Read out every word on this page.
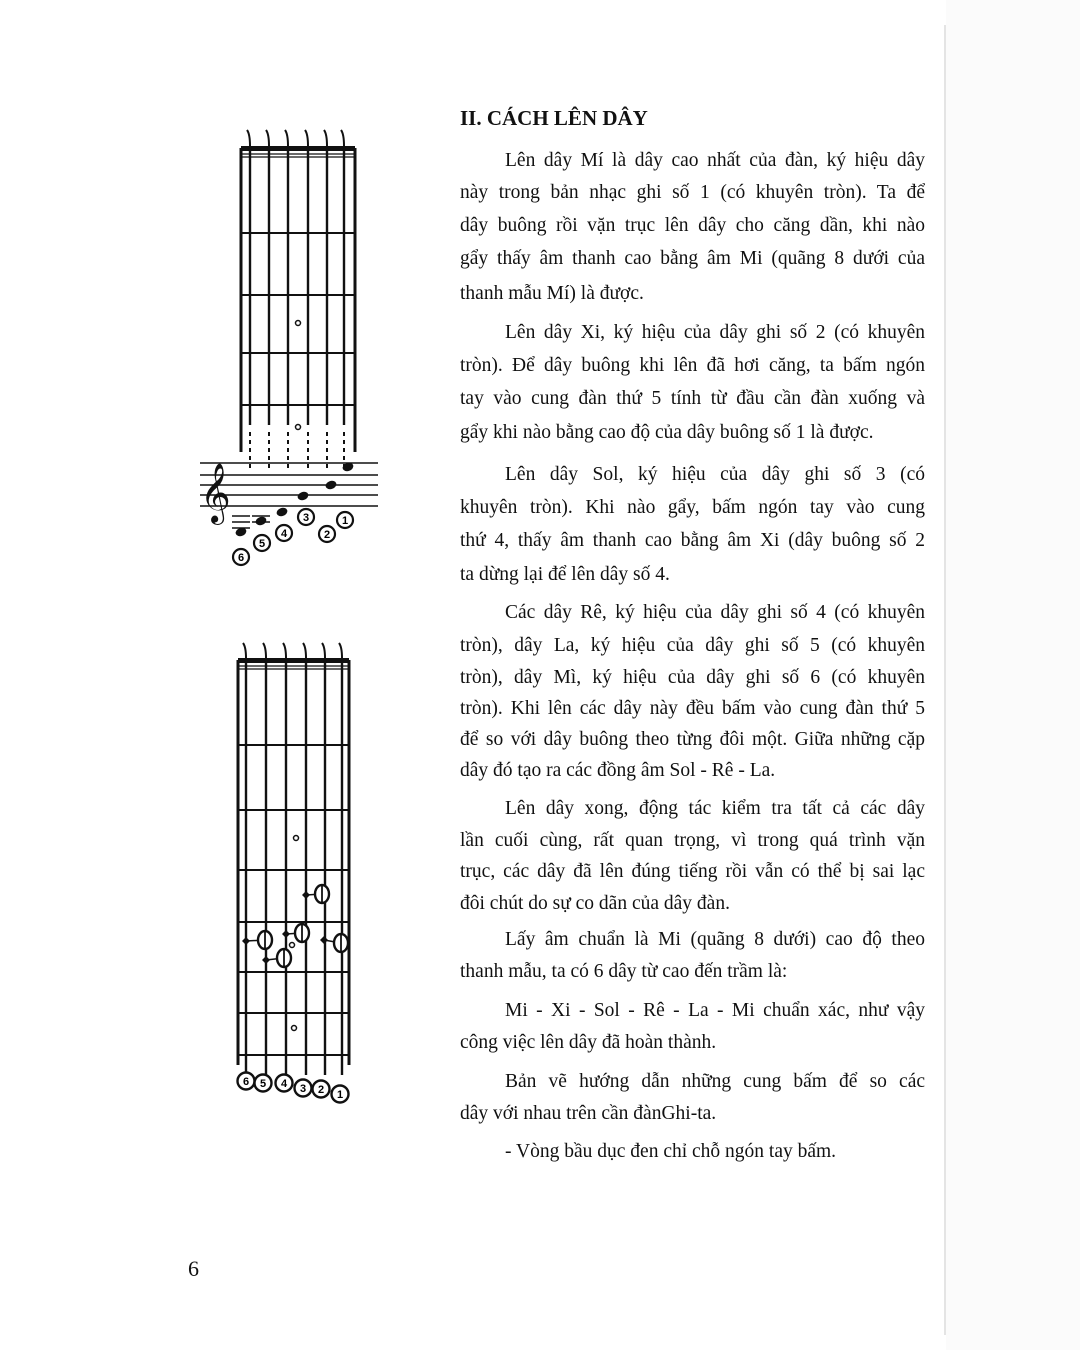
II. CÁCH LÊN DÂY
Lên dây Mí là dây cao nhất của đàn, ký hiệu dây
này trong bản nhạc ghi số 1 (có khuyên tròn). Ta để
dây buông rồi vặn trục lên dây cho căng dần, khi nào
gẩy thấy âm thanh cao bằng âm Mi (quãng 8 dưới của
thanh mẫu Mí) là được.
Lên dây Xi, ký hiệu của dây ghi số 2 (có khuyên
tròn). Để dây buông khi lên đã hơi căng, ta bấm ngón
tay vào cung đàn thứ 5 tính từ đầu cần đàn xuống và
gẩy khi nào bằng cao độ của dây buông số 1 là được.
Lên dây Sol, ký hiệu của dây ghi số 3 (có
khuyên tròn). Khi nào gẩy, bấm ngón tay vào cung
thứ 4, thấy âm thanh cao bằng âm Xi (dây buông số 2
ta dừng lại để lên dây số 4.
Các dây Rê, ký hiệu của dây ghi số 4 (có khuyên
tròn), dây La, ký hiệu của dây ghi số 5 (có khuyên
tròn), dây Mì, ký hiệu của dây ghi số 6 (có khuyên
tròn). Khi lên các dây này đều bấm vào cung đàn thứ 5
để so với dây buông theo từng đôi một. Giữa những cặp
dây đó tạo ra các đồng âm Sol - Rê - La.
Lên dây xong, động tác kiểm tra tất cả các dây
lần cuối cùng, rất quan trọng, vì trong quá trình vặn
trục, các dây đã lên đúng tiếng rồi vẫn có thể bị sai lạc
đôi chút do sự co dãn của dây đàn.
Lấy âm chuẩn là Mi (quãng 8 dưới) cao độ theo
thanh mẫu, ta có 6 dây từ cao đến trầm là:
Mi - Xi - Sol - Rê - La - Mi chuẩn xác, như vậy
công việc lên dây đã hoàn thành.
Bản vẽ hướng dẫn những cung bấm để so các
dây với nhau trên cần đànGhi-ta.
- Vòng bầu dục đen chỉ chỗ ngón tay bấm.
𝄞
6
5
4
3
2
1
6 5 4 3 2 1
6
